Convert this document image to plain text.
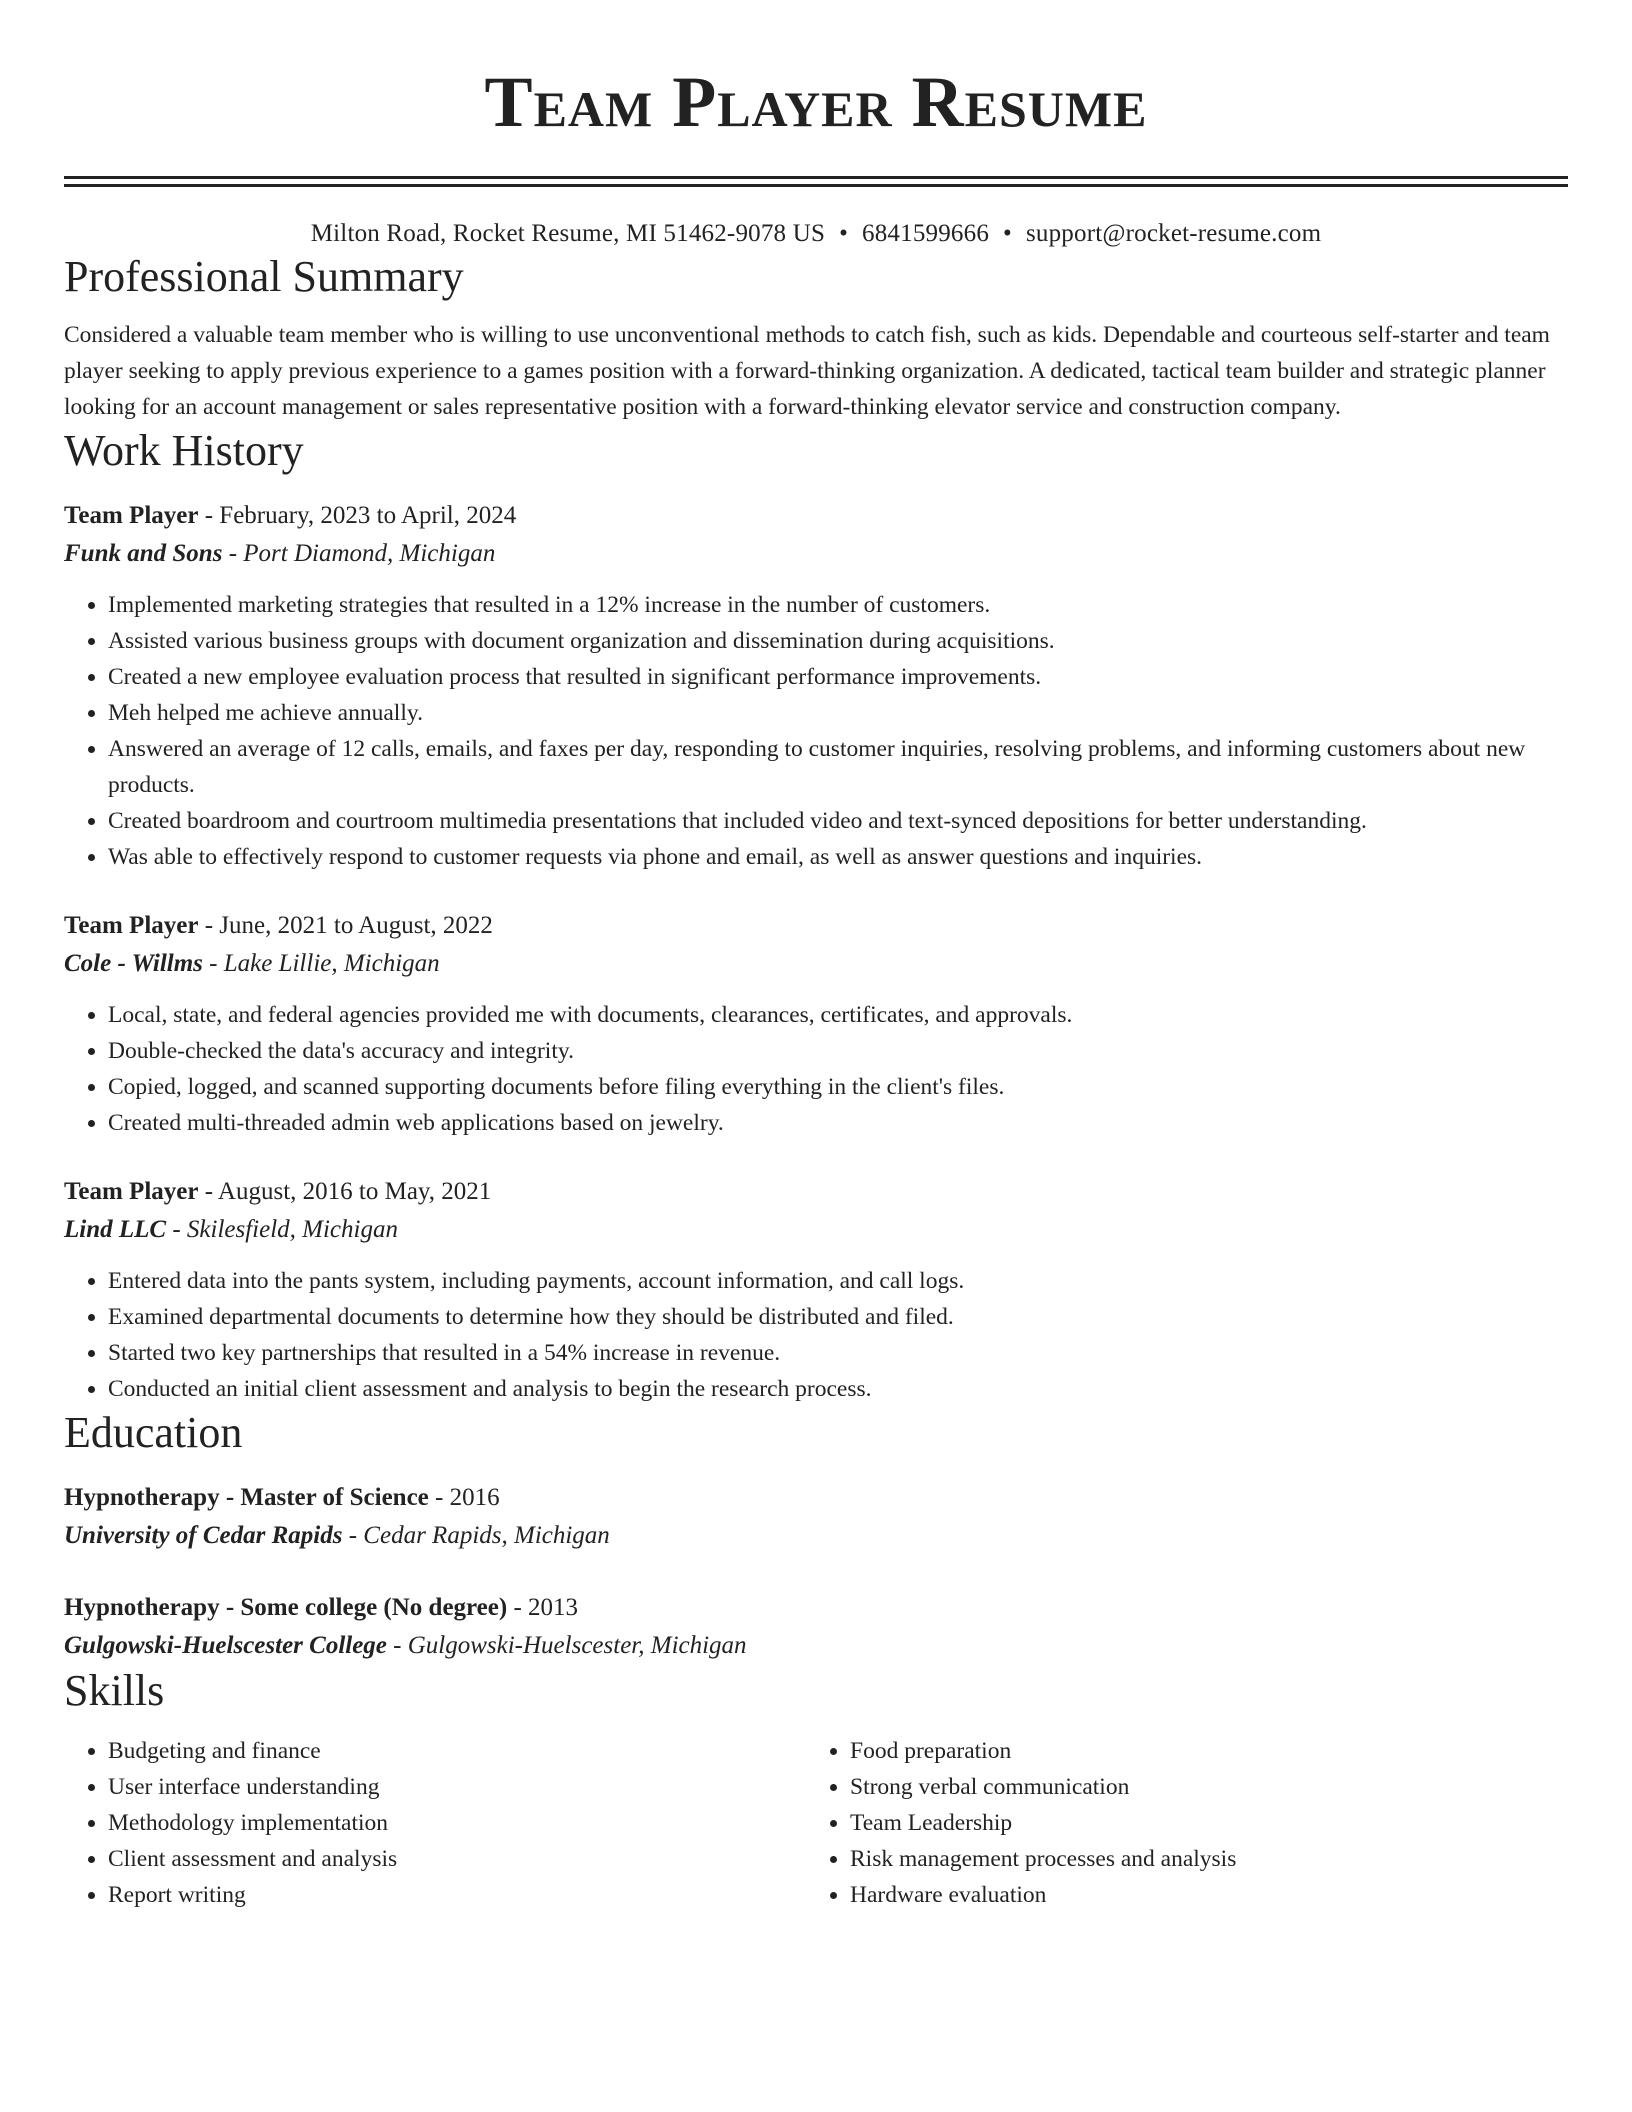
Team Player Resume
Milton Road, Rocket Resume, MI 51462-9078 US • 6841599666 • support@rocket-resume.com
Professional Summary
Considered a valuable team member who is willing to use unconventional methods to catch fish, such as kids. Dependable and courteous self-starter and team player seeking to apply previous experience to a games position with a forward-thinking organization. A dedicated, tactical team builder and strategic planner looking for an account management or sales representative position with a forward-thinking elevator service and construction company.
Work History
Team Player - February, 2023 to April, 2024
Funk and Sons - Port Diamond, Michigan
• Implemented marketing strategies that resulted in a 12% increase in the number of customers.
• Assisted various business groups with document organization and dissemination during acquisitions.
• Created a new employee evaluation process that resulted in significant performance improvements.
• Meh helped me achieve annually.
• Answered an average of 12 calls, emails, and faxes per day, responding to customer inquiries, resolving problems, and informing customers about new products.
• Created boardroom and courtroom multimedia presentations that included video and text-synced depositions for better understanding.
• Was able to effectively respond to customer requests via phone and email, as well as answer questions and inquiries.
Team Player - June, 2021 to August, 2022
Cole - Willms - Lake Lillie, Michigan
• Local, state, and federal agencies provided me with documents, clearances, certificates, and approvals.
• Double-checked the data's accuracy and integrity.
• Copied, logged, and scanned supporting documents before filing everything in the client's files.
• Created multi-threaded admin web applications based on jewelry.
Team Player - August, 2016 to May, 2021
Lind LLC - Skilesfield, Michigan
• Entered data into the pants system, including payments, account information, and call logs.
• Examined departmental documents to determine how they should be distributed and filed.
• Started two key partnerships that resulted in a 54% increase in revenue.
• Conducted an initial client assessment and analysis to begin the research process.
Education
Hypnotherapy - Master of Science - 2016
University of Cedar Rapids - Cedar Rapids, Michigan
Hypnotherapy - Some college (No degree) - 2013
Gulgowski-Huelscester College - Gulgowski-Huelscester, Michigan
Skills
• Budgeting and finance
• User interface understanding
• Methodology implementation
• Client assessment and analysis
• Report writing
• Food preparation
• Strong verbal communication
• Team Leadership
• Risk management processes and analysis
• Hardware evaluation
